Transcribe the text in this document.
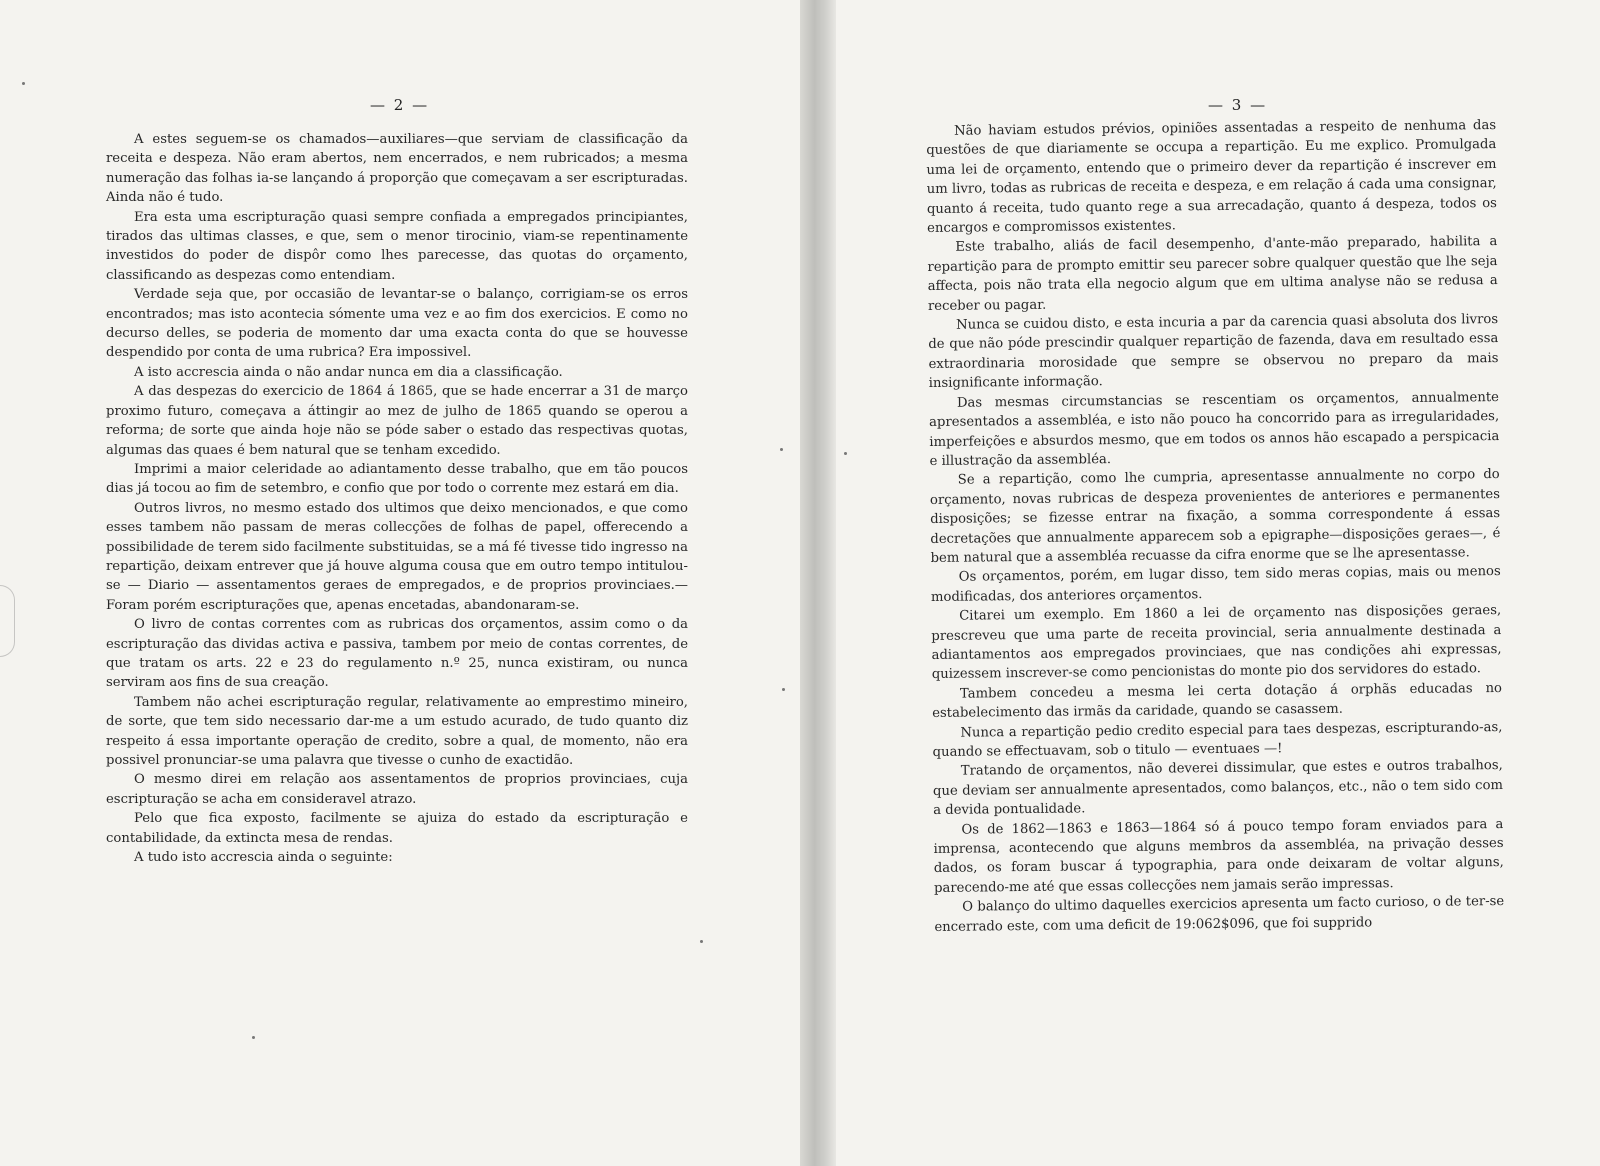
— 2 —

A estes seguem-se os chamados—auxiliares—que serviam de classificação da receita e despeza. Não eram abertos, nem encerrados, e nem rubricados; a mesma numeração das folhas ia-se lançando á proporção que começavam a ser escripturadas. Ainda não é tudo.

Era esta uma escripturação quasi sempre confiada a empregados principiantes, tirados das ultimas classes, e que, sem o menor tirocinio, viam-se repentinamente investidos do poder de dispôr como lhes parecesse, das quotas do orçamento, classificando as despezas como entendiam.

Verdade seja que, por occasião de levantar-se o balanço, corrigiam-se os erros encontrados; mas isto acontecia sómente uma vez e ao fim dos exercicios. E como no decurso delles, se poderia de momento dar uma exacta conta do que se houvesse despendido por conta de uma rubrica? Era impossivel.

A isto accrescia ainda o não andar nunca em dia a classificação.

A das despezas do exercicio de 1864 á 1865, que se hade encerrar a 31 de março proximo futuro, começava a áttingir ao mez de julho de 1865 quando se operou a reforma; de sorte que ainda hoje não se póde saber o estado das respectivas quotas, algumas das quaes é bem natural que se tenham excedido.

Imprimi a maior celeridade ao adiantamento desse trabalho, que em tão poucos dias já tocou ao fim de setembro, e confio que por todo o corrente mez estará em dia.

Outros livros, no mesmo estado dos ultimos que deixo mencionados, e que como esses tambem não passam de meras collecções de folhas de papel, offerecendo a possibilidade de terem sido facilmente substituidas, se a má fé tivesse tido ingresso na repartição, deixam entrever que já houve alguma cousa que em outro tempo intitulou-se — Diario — assentamentos geraes de empregados, e de proprios provinciaes.— Foram porém escripturações que, apenas encetadas, abandonaram-se.

O livro de contas correntes com as rubricas dos orçamentos, assim como o da escripturação das dividas activa e passiva, tambem por meio de contas correntes, de que tratam os arts. 22 e 23 do regulamento n.º 25, nunca existiram, ou nunca serviram aos fins de sua creação.

Tambem não achei escripturação regular, relativamente ao emprestimo mineiro, de sorte, que tem sido necessario dar-me a um estudo acurado, de tudo quanto diz respeito á essa importante operação de credito, sobre a qual, de momento, não era possivel pronunciar-se uma palavra que tivesse o cunho de exactidão.

O mesmo direi em relação aos assentamentos de proprios provinciaes, cuja escripturação se acha em consideravel atrazo.

Pelo que fica exposto, facilmente se ajuiza do estado da escripturação e contabilidade, da extincta mesa de rendas.

A tudo isto accrescia ainda o seguinte:

— 3 —

Não haviam estudos prévios, opiniões assentadas a respeito de nenhuma das questões de que diariamente se occupa a repartição. Eu me explico. Promulgada uma lei de orçamento, entendo que o primeiro dever da repartição é inscrever em um livro, todas as rubricas de receita e despeza, e em relação á cada uma consignar, quanto á receita, tudo quanto rege a sua arrecadação, quanto á despeza, todos os encargos e compromissos existentes.

Este trabalho, aliás de facil desempenho, d'ante-mão preparado, habilita a repartição para de prompto emittir seu parecer sobre qualquer questão que lhe seja affecta, pois não trata ella negocio algum que em ultima analyse não se redusa a receber ou pagar.

Nunca se cuidou disto, e esta incuria a par da carencia quasi absoluta dos livros de que não póde prescindir qualquer repartição de fazenda, dava em resultado essa extraordinaria morosidade que sempre se observou no preparo da mais insignificante informação.

Das mesmas circumstancias se rescentiam os orçamentos, annualmente apresentados a assembléa, e isto não pouco ha concorrido para as irregularidades, imperfeições e absurdos mesmo, que em todos os annos hão escapado a perspicacia e illustração da assembléa.

Se a repartição, como lhe cumpria, apresentasse annualmente no corpo do orçamento, novas rubricas de despeza provenientes de anteriores e permanentes disposições; se fizesse entrar na fixação, a somma correspondente á essas decretações que annualmente apparecem sob a epigraphe—disposições geraes—, é bem natural que a assembléa recuasse da cifra enorme que se lhe apresentasse.

Os orçamentos, porém, em lugar disso, tem sido meras copias, mais ou menos modificadas, dos anteriores orçamentos.

Citarei um exemplo. Em 1860 a lei de orçamento nas disposições geraes, prescreveu que uma parte de receita provincial, seria annualmente destinada a adiantamentos aos empregados provinciaes, que nas condições ahi expressas, quizessem inscrever-se como pencionistas do monte pio dos servidores do estado.

Tambem concedeu a mesma lei certa dotação á orphãs educadas no estabelecimento das irmãs da caridade, quando se casassem.

Nunca a repartição pedio credito especial para taes despezas, escripturando-as, quando se effectuavam, sob o titulo — eventuaes —!

Tratando de orçamentos, não deverei dissimular, que estes e outros trabalhos, que deviam ser annualmente apresentados, como balanços, etc., não o tem sido com a devida pontualidade.

Os de 1862—1863 e 1863—1864 só á pouco tempo foram enviados para a imprensa, acontecendo que alguns membros da assembléa, na privação desses dados, os foram buscar á typographia, para onde deixaram de voltar alguns, parecendo-me até que essas collecções nem jamais serão impressas.

O balanço do ultimo daquelles exercicios apresenta um facto curioso, o de ter-se encerrado este, com uma deficit de 19:062$096, que foi supprido
